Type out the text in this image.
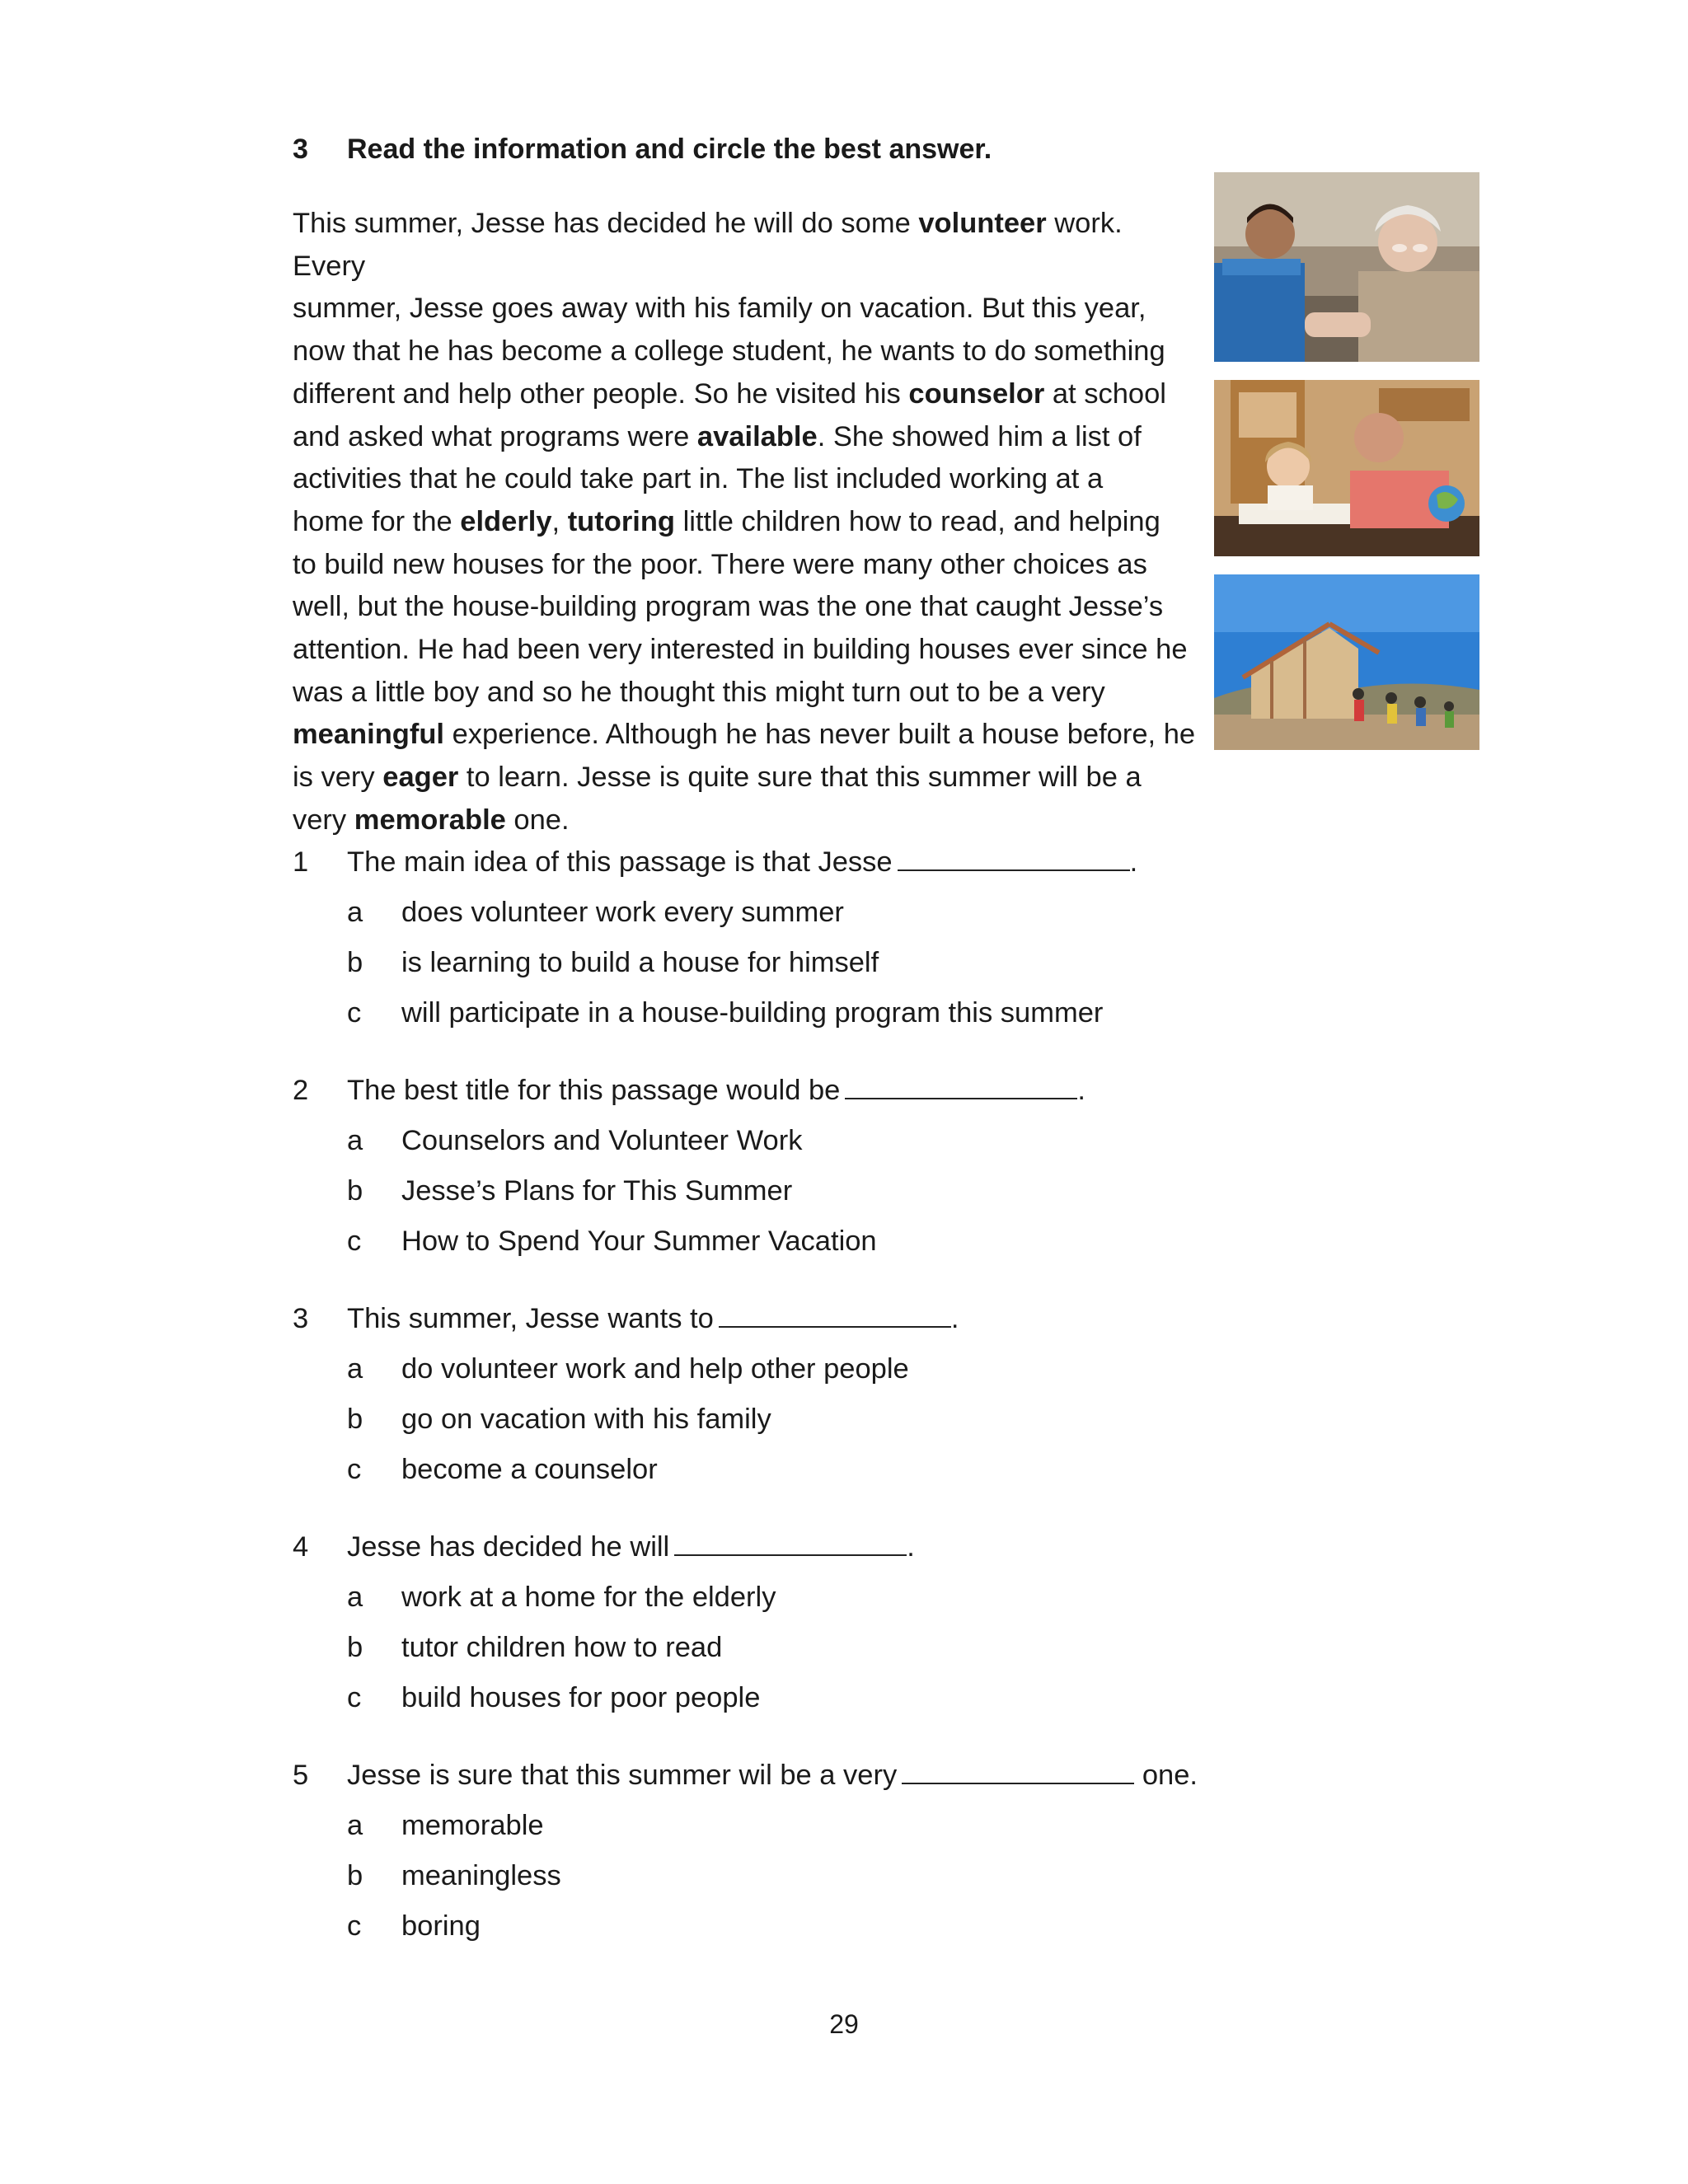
3 Read the information and circle the best answer.
This summer, Jesse has decided he will do some volunteer work. Every
summer, Jesse goes away with his family on vacation. But this year,
now that he has become a college student, he wants to do something
different and help other people. So he visited his counselor at school
and asked what programs were available. She showed him a list of
activities that he could take part in. The list included working at a
home for the elderly, tutoring little children how to read, and helping
to build new houses for the poor. There were many other choices as
well, but the house-building program was the one that caught Jesse’s
attention. He had been very interested in building houses ever since he
was a little boy and so he thought this might turn out to be a very
meaningful experience. Although he has never built a house before, he
is very eager to learn. Jesse is quite sure that this summer will be a
very memorable one.
1 The main idea of this passage is that Jesse	.
a does volunteer work every summer
b is learning to build a house for himself
c will participate in a house-building program this summer
2 The best title for this passage would be	.
a Counselors and Volunteer Work
b Jesse’s Plans for This Summer
c How to Spend Your Summer Vacation
3 This summer, Jesse wants to	.
a do volunteer work and help other people
b go on vacation with his family
c become a counselor
4 Jesse has decided he will	.
a work at a home for the elderly
b tutor children how to read
c build houses for poor people
5 Jesse is sure that this summer wil be a very	one.
a memorable
b meaningless
c boring
29
